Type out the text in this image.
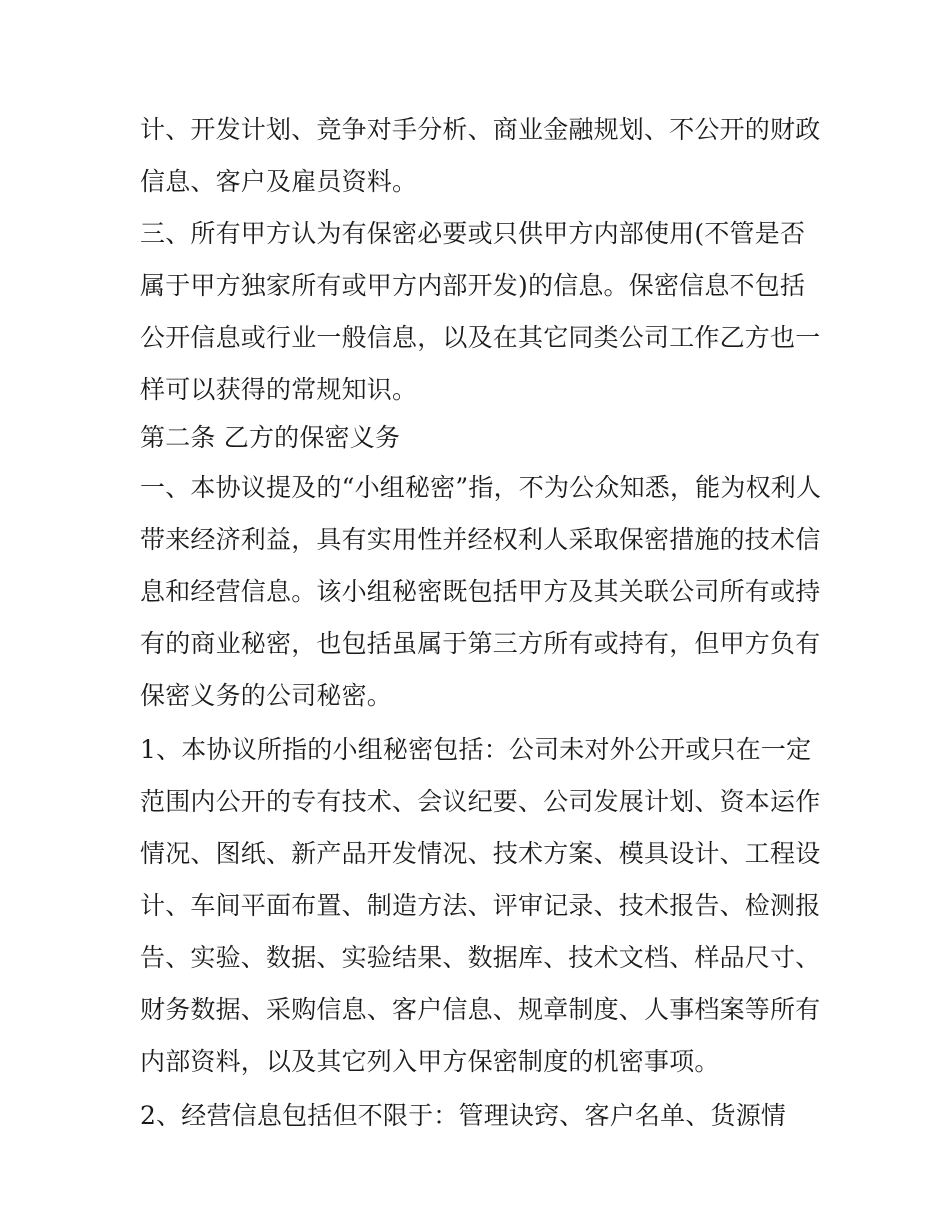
计、开发计划、竞争对手分析、商业金融规划、不公开的财政
信息、客户及雇员资料。
三、所有甲方认为有保密必要或只供甲方内部使用(不管是否
属于甲方独家所有或甲方内部开发)的信息。保密信息不包括
公开信息或行业一般信息，以及在其它同类公司工作乙方也一
样可以获得的常规知识。
第二条 乙方的保密义务
一、本协议提及的“小组秘密”指，不为公众知悉，能为权利人
带来经济利益，具有实用性并经权利人采取保密措施的技术信
息和经营信息。该小组秘密既包括甲方及其关联公司所有或持
有的商业秘密，也包括虽属于第三方所有或持有，但甲方负有
保密义务的公司秘密。
1、本协议所指的小组秘密包括：公司未对外公开或只在一定
范围内公开的专有技术、会议纪要、公司发展计划、资本运作
情况、图纸、新产品开发情况、技术方案、模具设计、工程设
计、车间平面布置、制造方法、评审记录、技术报告、检测报
告、实验、数据、实验结果、数据库、技术文档、样品尺寸、
财务数据、采购信息、客户信息、规章制度、人事档案等所有
内部资料，以及其它列入甲方保密制度的机密事项。
2、经营信息包括但不限于：管理诀窍、客户名单、货源情
